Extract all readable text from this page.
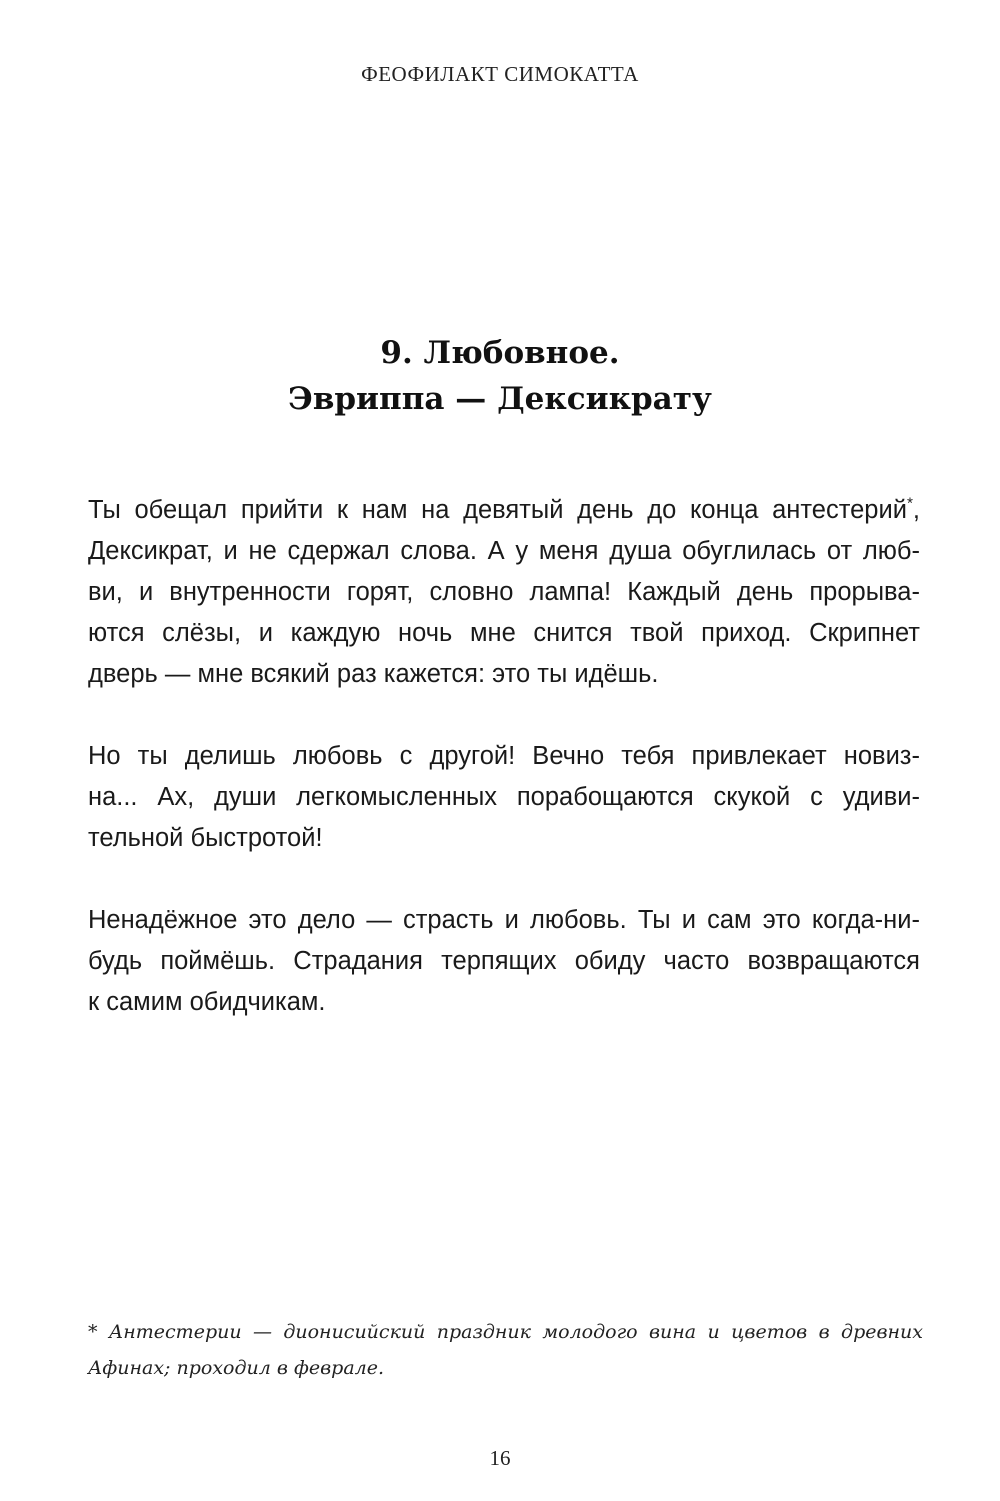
ФЕОФИЛАКТ СИМОКАТТА
9. Любовное.
Эвриппа — Дексикрату

Ты обещал прийти к нам на девятый день до конца антестерий*,
Дексикрат, и не сдержал слова. А у меня душа обуглилась от люб-
ви, и внутренности горят, словно лампа! Каждый день прорыва-
ются слёзы, и каждую ночь мне снится твой приход. Скрипнет
дверь — мне всякий раз кажется: это ты идёшь.

Но ты делишь любовь с другой! Вечно тебя привлекает новиз-
на... Ах, души легкомысленных порабощаются скукой с удиви-
тельной быстротой!

Ненадёжное это дело — страсть и любовь. Ты и сам это когда-ни-
будь поймёшь. Страдания терпящих обиду часто возвращаются
к самим обидчикам.

* Антестерии — дионисийский праздник молодого вина и цветов в древних
Афинах; проходил в феврале.
16
